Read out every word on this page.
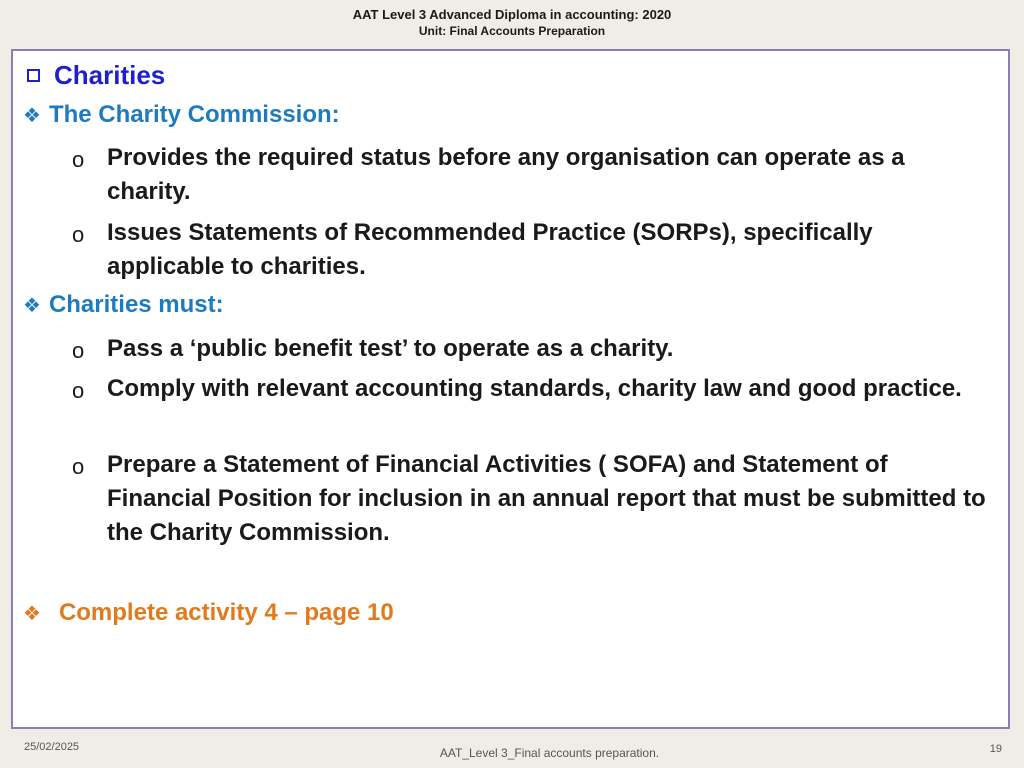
AAT Level 3 Advanced Diploma in accounting: 2020
Unit: Final Accounts Preparation
Charities
❖ The Charity Commission:
o Provides the required status before any organisation can operate as a charity.
o Issues Statements of Recommended Practice (SORPs), specifically applicable to charities.
❖ Charities must:
o Pass a ‘public benefit test’ to operate as a charity.
o Comply with relevant accounting standards, charity law and good practice.
o Prepare a Statement of Financial Activities ( SOFA) and Statement of Financial Position for inclusion in an annual report that must be submitted to the Charity Commission.
❖ Complete activity 4 – page 10
25/02/2025	AAT_Level 3_Final accounts preparation.	19
